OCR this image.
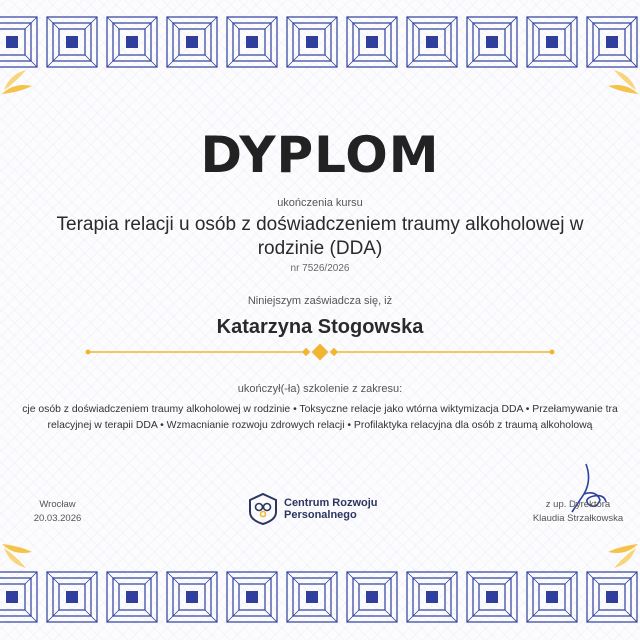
DYPLOM
ukończenia kursu
Terapia relacji u osób z doświadczeniem traumy alkoholowej w rodzinie (DDA)
nr 7526/2026
Niniejszym zaświadcza się, iż
Katarzyna Stogowska
ukończył(-ła) szkolenie z zakresu:
cje osób z doświadczeniem traumy alkoholowej w rodzinie • Toksyczne relacje jako wtórna wiktymizacja DDA • Przełamywanie tra
relacyjnej w terapii DDA • Wzmacnianie rozwoju zdrowych relacji • Profilaktyka relacyjna dla osób z traumą alkoholową
Wrocław
20.03.2026
Centrum Rozwoju
Personalnego
z up. Dyrektora
Klaudia Strzałkowska
